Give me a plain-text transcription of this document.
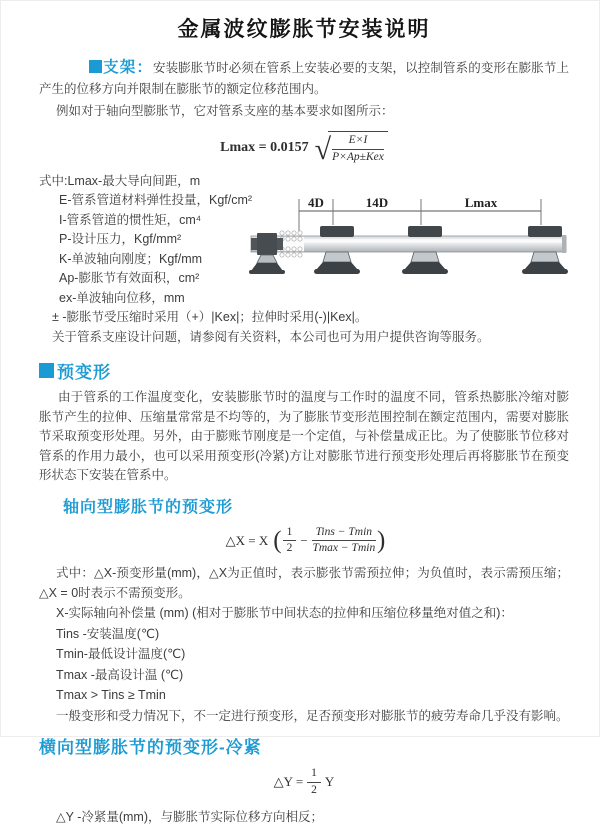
金属波纹膨胀节安装说明

支架：安装膨胀节时必须在管系上安装必要的支架，以控制管系的变形在膨胀节上产生的位移方向并限制在膨胀节的额定位移范围内。

例如对于轴向型膨胀节，它对管系支座的基本要求如图所示：

Lmax = 0.0157 √ $\frac{E\times I}{\text{P×Ap±Kex}}$
式中:Lmax-最大导向间距，m
E-管系管道材料弹性投量，Kgf/cm²
I-管系管道的惯性矩，cm⁴
P-设计压力，Kgf/mm²
K-单波轴向刚度；Kgf/mm
Ap-膨胀节有效面积，cm²
ex-单波轴向位移，mm
± -膨胀节受压缩时采用（+）|Kex|；拉伸时采用(-)|Kex|。
关于管系支座设计问题，请参阅有关资料，本公司也可为用户提供咨询等服务。
预变形

由于管系的工作温度变化，安装膨胀节时的温度与工作时的温度不同，管系热膨胀冷缩对膨胀节产生的拉伸、压缩量常常是不均等的，为了膨胀节变形范围控制在额定范围内，需要对膨胀节采取预变形处理。另外，由于膨账节刚度是一个定值，与补偿量成正比。为了使膨胀节位移对管系的作用力最小，也可以采用预变形(冷紧)方让对膨胀节进行预变形处理后再将膨胀节在预变形状态下安装在管系中。

轴向型膨胀节的预变形
△X = X ( $\frac{1}{2} - \frac{\text{Tins − Tmin}}{Tmax - Tmin}$ )

式中：△X-预变形量(mm)，△X为正值时，表示膨张节需预拉伸；为负值时，表示需预压缩；△X = 0时表示不需预变形。

X-实际轴向补偿量 (mm) (相对于膨胀节中间状态的拉伸和压缩位移量绝对值之和)：
Tins -安装温度(℃)
Tmin-最低设计温度(℃)
Tmax -最高设计温 (℃)
Tmax > Tins ≥ Tmin
一般变形和受力情况下，不一定进行预变形，足否预变形对膨胀节的疲劳寿命几乎没有影响。
横向型膨胀节的预变形-冷紧
△Y = $\frac{1}{2}$ Y
△Y -冷紧量(mm)，与膨胀节实际位移方向相反；
4D	14D	Lmax
